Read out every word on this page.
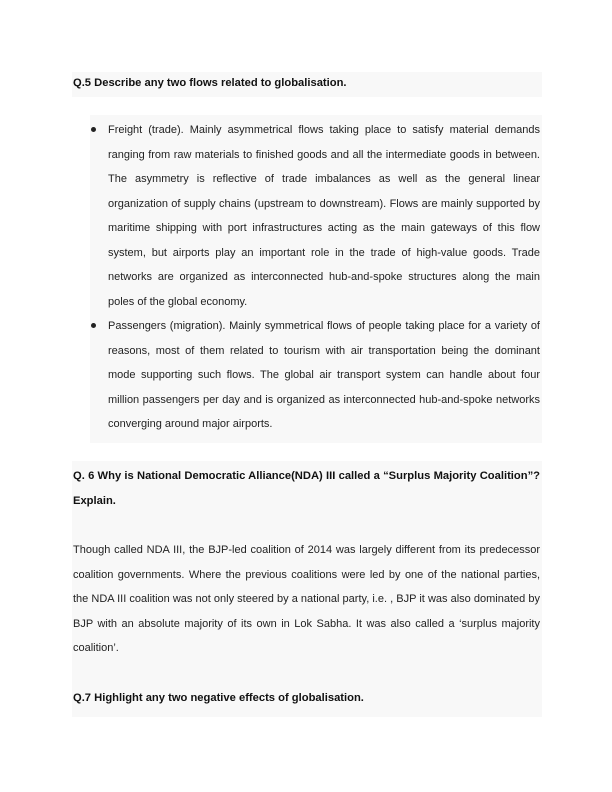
Q.5 Describe any two flows related to globalisation.
Freight (trade). Mainly asymmetrical flows taking place to satisfy material demands ranging from raw materials to finished goods and all the intermediate goods in between. The asymmetry is reflective of trade imbalances as well as the general linear organization of supply chains (upstream to downstream). Flows are mainly supported by maritime shipping with port infrastructures acting as the main gateways of this flow system, but airports play an important role in the trade of high-value goods. Trade networks are organized as interconnected hub-and-spoke structures along the main poles of the global economy.
Passengers (migration). Mainly symmetrical flows of people taking place for a variety of reasons, most of them related to tourism with air transportation being the dominant mode supporting such flows. The global air transport system can handle about four million passengers per day and is organized as interconnected hub-and-spoke networks converging around major airports.
Q. 6 Why is National Democratic Alliance(NDA) III called a “Surplus Majority Coalition”? Explain.
Though called NDA III, the BJP-led coalition of 2014 was largely different from its predecessor coalition governments. Where the previous coalitions were led by one of the national parties, the NDA III coalition was not only steered by a national party, i.e. , BJP it was also dominated by BJP with an absolute majority of its own in Lok Sabha. It was also called a ‘surplus majority coalition’.
Q.7 Highlight any two negative effects of globalisation.
